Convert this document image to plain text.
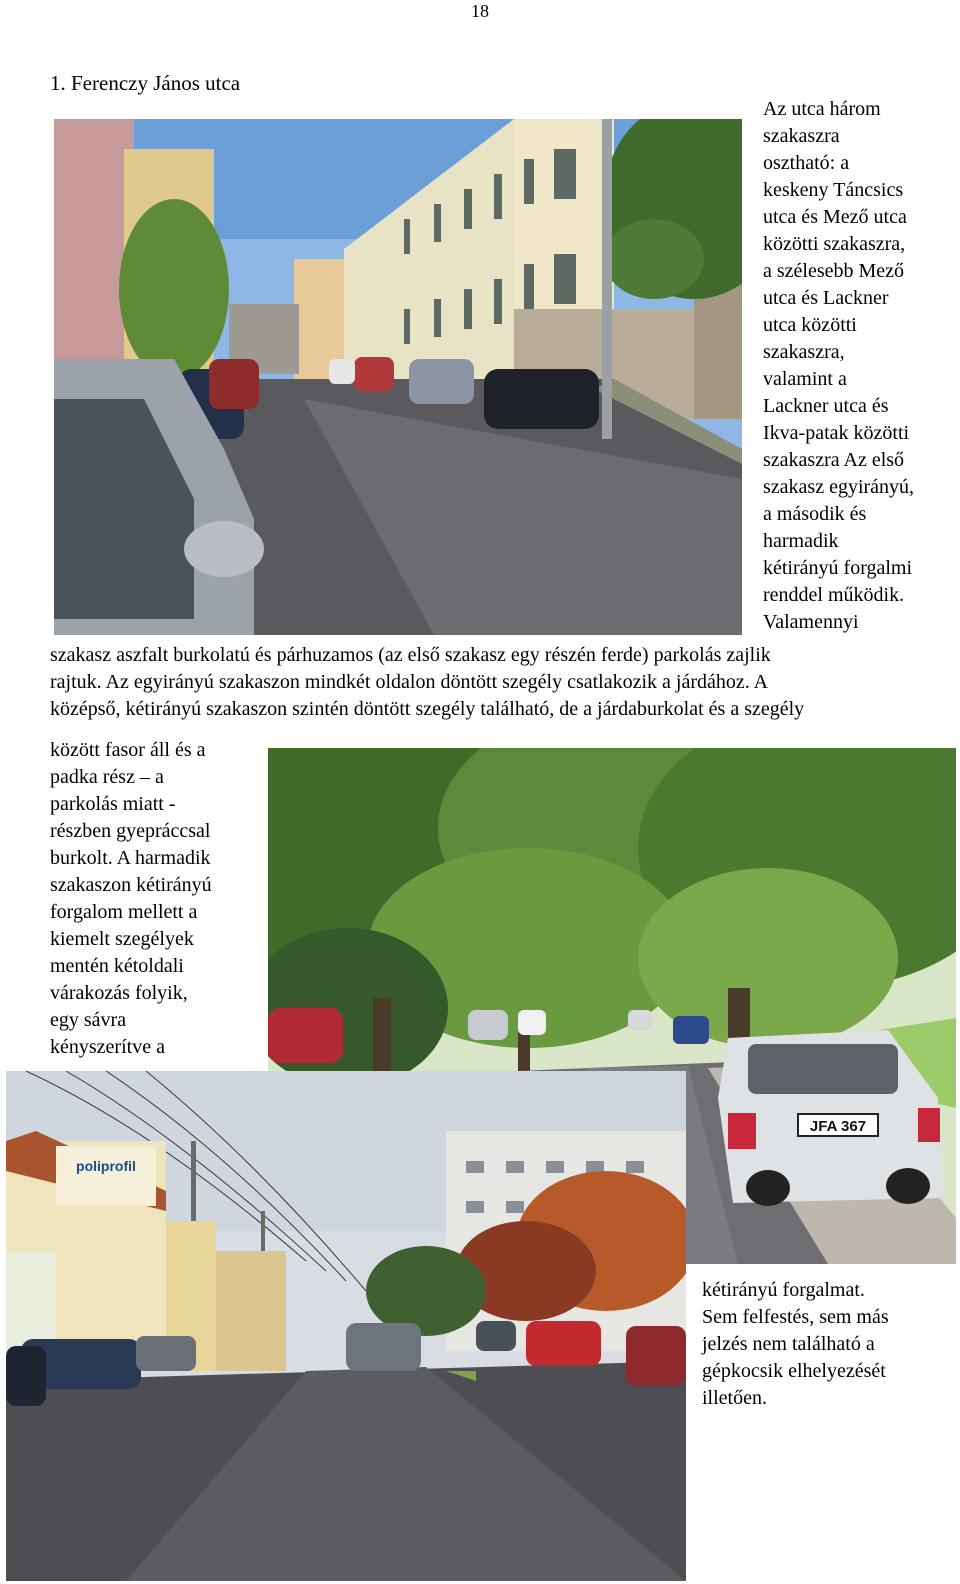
18
1. Ferenczy János utca
Az utca három
szakaszra
osztható: a
keskeny Táncsics
utca és Mező utca
közötti szakaszra,
a szélesebb Mező
utca és Lackner
utca közötti
szakaszra,
valamint a
Lackner utca és
Ikva-patak közötti
szakaszra Az első
szakasz egyirányú,
a második és
harmadik
kétirányú forgalmi
renddel működik.
Valamennyi
szakasz aszfalt burkolatú és párhuzamos (az első szakasz egy részén ferde) parkolás zajlik
rajtuk. Az egyirányú szakaszon mindkét oldalon döntött szegély csatlakozik a járdához. A
középső, kétirányú szakaszon szintén döntött szegély található, de a járdaburkolat és a szegély
között fasor áll és a
padka rész – a
parkolás miatt -
részben gyepráccsal
burkolt. A harmadik
szakaszon kétirányú
forgalom mellett a
kiemelt szegélyek
mentén kétoldali
várakozás folyik,
egy sávra
kényszerítve a
JFA 367
poliprofil
kétirányú forgalmat.
Sem felfestés, sem más
jelzés nem található a
gépkocsik elhelyezését
illetően.
